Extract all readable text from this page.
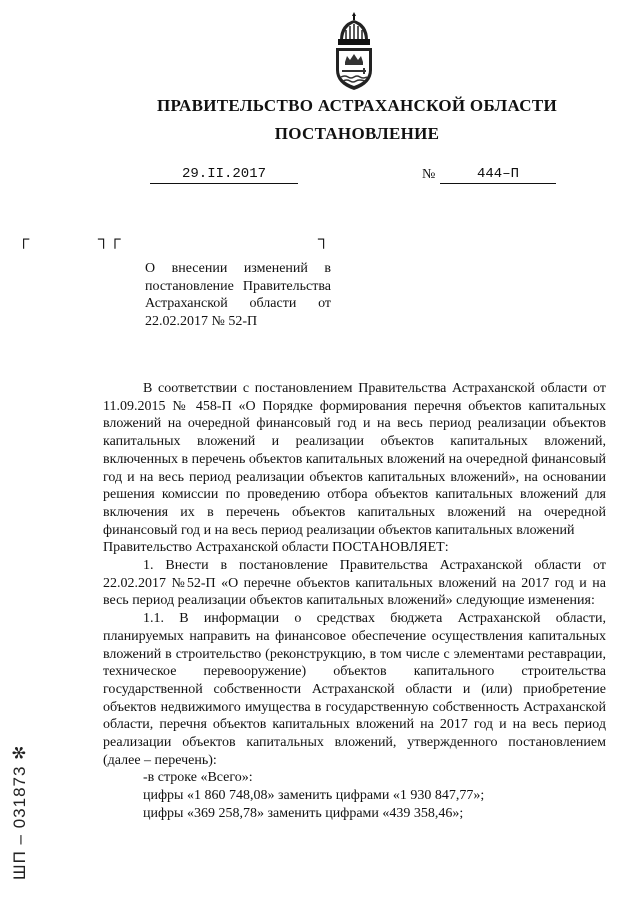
ПРАВИТЕЛЬСТВО АСТРАХАНСКОЙ ОБЛАСТИ
ПОСТАНОВЛЕНИЕ
29.II.2017	№	444–П
┌	┐┌	┐
О внесении изменений в постановление Правительства Астраханской области от 22.02.2017 № 52-П

В соответствии с постановлением Правительства Астраханской области от 11.09.2015 № 458-П «О Порядке формирования перечня объектов капитальных вложений на очередной финансовый год и на весь период реализации объектов капитальных вложений и реализации объектов капитальных вложений, включенных в перечень объектов капитальных вложений на очередной финансовый год и на весь период реализации объектов капитальных вложений», на основании решения комиссии по проведению отбора объектов капитальных вложений для включения их в перечень объектов капитальных вложений на очередной финансовый год и на весь период реализации объектов капитальных вложений

Правительство Астраханской области ПОСТАНОВЛЯЕТ:

1. Внести в постановление Правительства Астраханской области от 22.02.2017 №52-П «О перечне объектов капитальных вложений на 2017 год и на весь период реализации объектов капитальных вложений» следующие изменения:

1.1. В информации о средствах бюджета Астраханской области, планируемых направить на финансовое обеспечение осуществления капитальных вложений в строительство (реконструкцию, в том числе с элементами реставрации, техническое перевооружение) объектов капитального строительства государственной собственности Астраханской области и (или) приобретение объектов недвижимого имущества в государственную собственность Астраханской области, перечня объектов капитальных вложений на 2017 год и на весь период реализации объектов капитальных вложений, утвержденного постановлением (далее – перечень):

-в строке «Всего»:

цифры «1 860 748,08» заменить цифрами «1 930 847,77»;

цифры «369 258,78» заменить цифрами «439 358,46»;

ШП – 031873 ✻
